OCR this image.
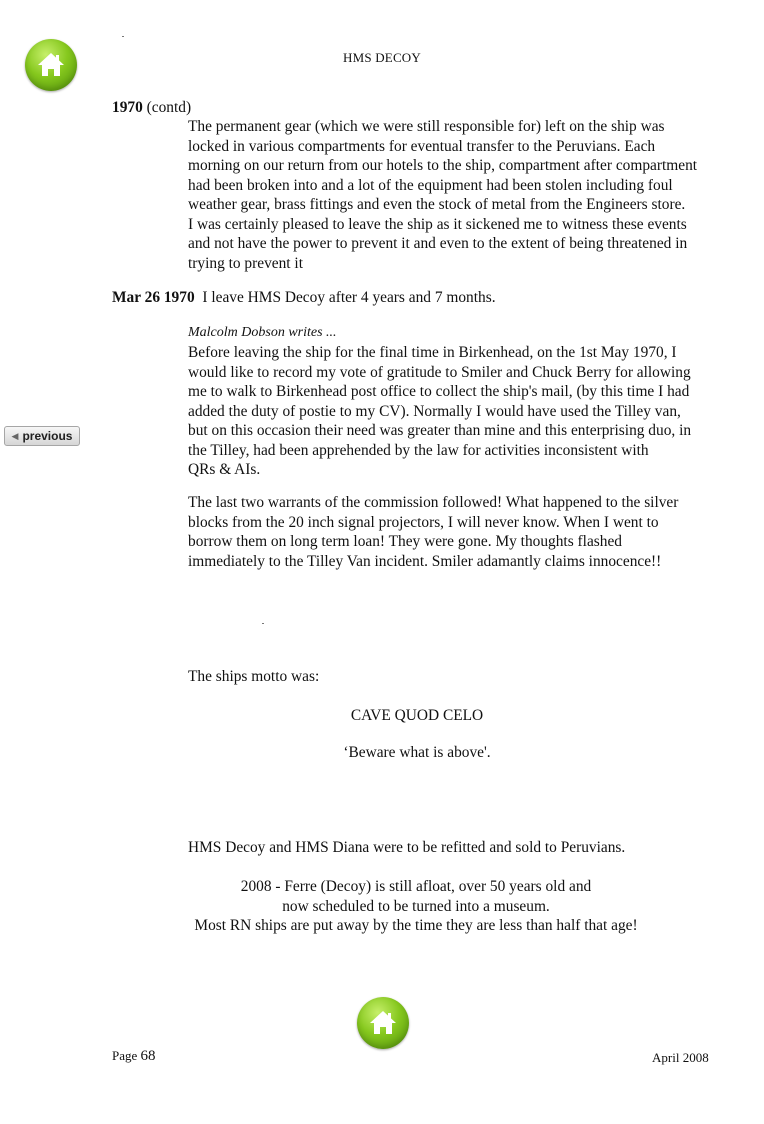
HMS DECOY
1970 (contd)
The permanent gear (which we were still responsible for) left on the ship was
locked in various compartments for eventual transfer to the Peruvians. Each
morning on our return from our hotels to the ship, compartment after compartment
had been broken into and a lot of the equipment had been stolen including foul
weather gear, brass fittings and even the stock of metal from the Engineers store.
I was certainly pleased to leave the ship as it sickened me to witness these events
and not have the power to prevent it and even to the extent of being threatened in
trying to prevent it
Mar 26 1970 I leave HMS Decoy after 4 years and 7 months.
Malcolm Dobson writes ...
Before leaving the ship for the final time in Birkenhead, on the 1st May 1970, I
would like to record my vote of gratitude to Smiler and Chuck Berry for allowing
me to walk to Birkenhead post office to collect the ship's mail, (by this time I had
added the duty of postie to my CV). Normally I would have used the Tilley van,
but on this occasion their need was greater than mine and this enterprising duo, in
the Tilley, had been apprehended by the law for activities inconsistent with
QRs & AIs.
◀ previous
The last two warrants of the commission followed! What happened to the silver
blocks from the 20 inch signal projectors, I will never know. When I went to
borrow them on long term loan! They were gone. My thoughts flashed
immediately to the Tilley Van incident. Smiler adamantly claims innocence!!
The ships motto was:
CAVE QUOD CELO
‘Beware what is above'.
HMS Decoy and HMS Diana were to be refitted and sold to Peruvians.
2008 - Ferre (Decoy) is still afloat, over 50 years old and
now scheduled to be turned into a museum.
Most RN ships are put away by the time they are less than half that age!
Page 68	April 2008
